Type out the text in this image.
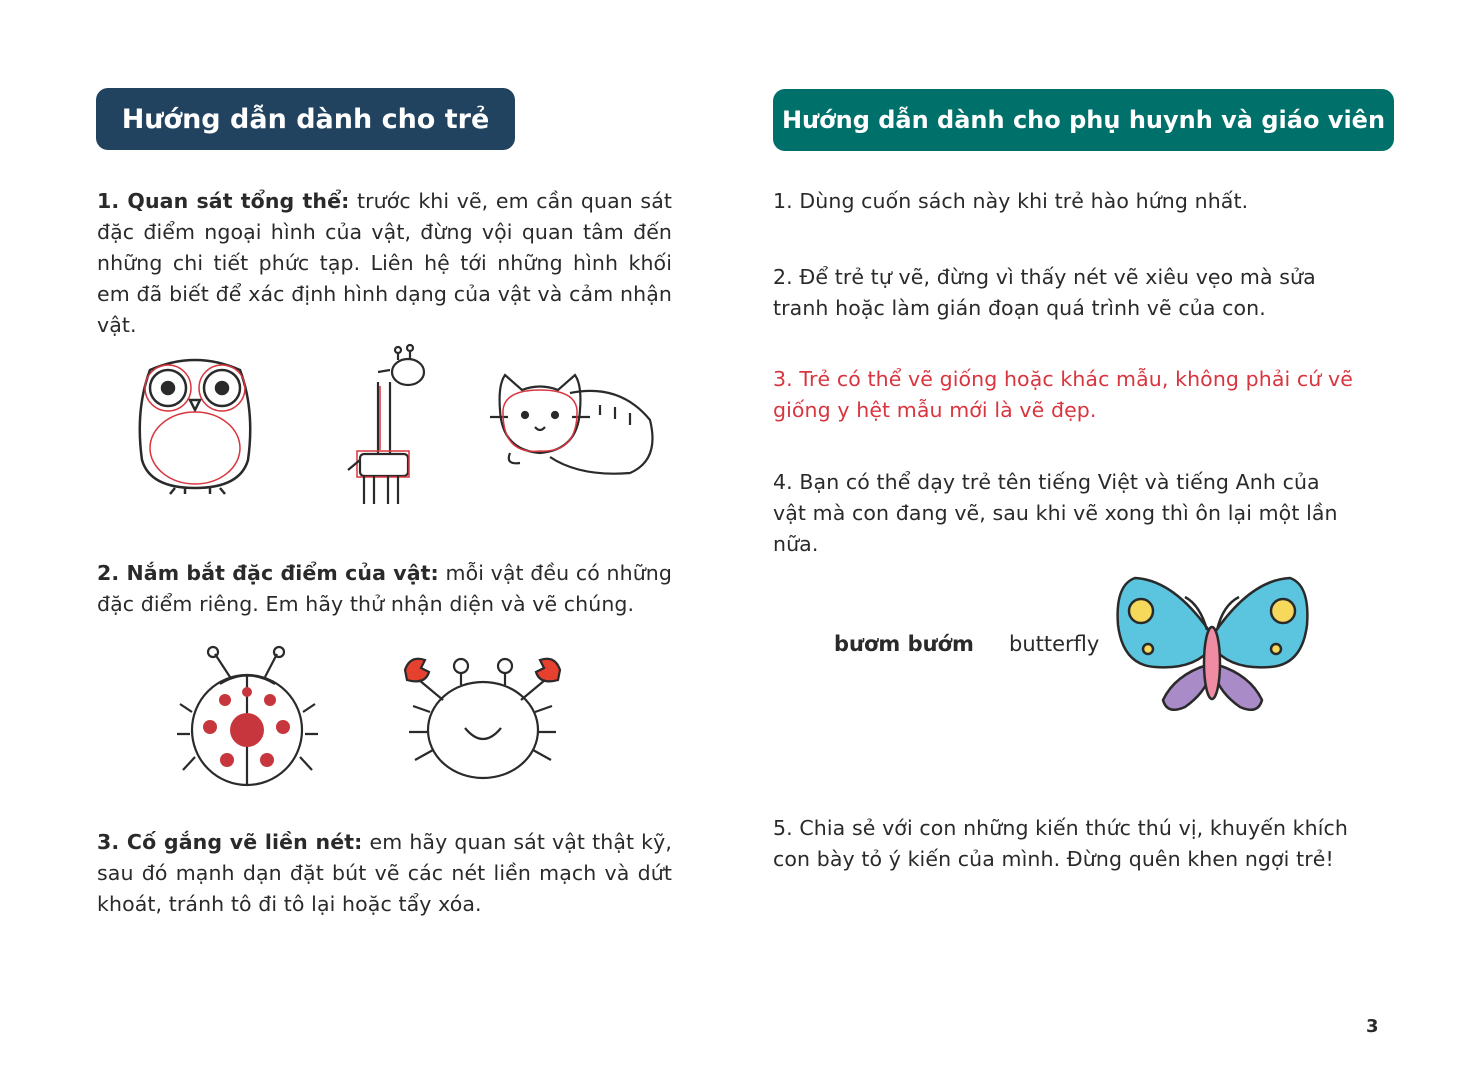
Hướng dẫn dành cho trẻ	Hướng dẫn dành cho phụ huynh và giáo viên
1. Quan sát tổng thể: trước khi vẽ, em cần quan sát đặc điểm ngoại hình của vật, đừng vội quan tâm đến những chi tiết phức tạp. Liên hệ tới những hình khối em đã biết để xác định hình dạng của vật và cảm nhận vật.
2. Nắm bắt đặc điểm của vật: mỗi vật đều có những đặc điểm riêng. Em hãy thử nhận diện và vẽ chúng.
3. Cố gắng vẽ liền nét: em hãy quan sát vật thật kỹ, sau đó mạnh dạn đặt bút vẽ các nét liền mạch và dứt khoát, tránh tô đi tô lại hoặc tẩy xóa.
1. Dùng cuốn sách này khi trẻ hào hứng nhất.
2. Để trẻ tự vẽ, đừng vì thấy nét vẽ xiêu vẹo mà sửa tranh hoặc làm gián đoạn quá trình vẽ của con.
3. Trẻ có thể vẽ giống hoặc khác mẫu, không phải cứ vẽ giống y hệt mẫu mới là vẽ đẹp.
4. Bạn có thể dạy trẻ tên tiếng Việt và tiếng Anh của vật mà con đang vẽ, sau khi vẽ xong thì ôn lại một lần nữa.
5. Chia sẻ với con những kiến thức thú vị, khuyến khích con bày tỏ ý kiến của mình. Đừng quên khen ngợi trẻ!
bươm bướm butterfly
3
